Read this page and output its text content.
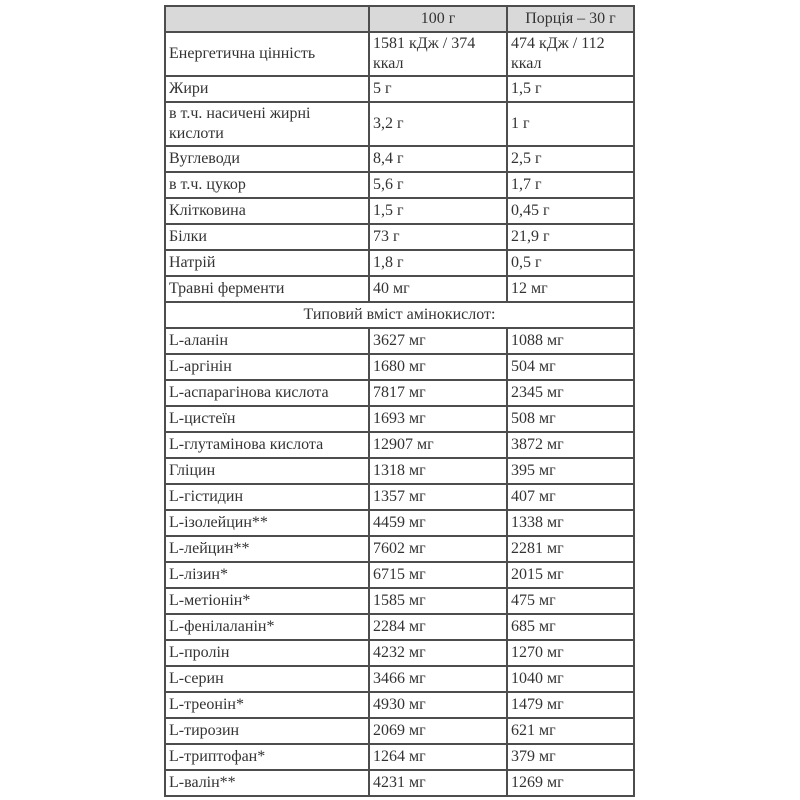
	100 г	Порція – 30 г
Енергетична цінність	1581 кДж / 374 ккал	474 кДж / 112 ккал
Жири	5 г	1,5 г
в т.ч. насичені жирні кислоти	3,2 г	1 г
Вуглеводи	8,4 г	2,5 г
в т.ч. цукор	5,6 г	1,7 г
Клітковина	1,5 г	0,45 г
Білки	73 г	21,9 г
Натрій	1,8 г	0,5 г
Травні ферменти	40 мг	12 мг
Типовий вміст амінокислот:		
L-аланін	3627 мг	1088 мг
L-аргінін	1680 мг	504 мг
L-аспарагінова кислота	7817 мг	2345 мг
L-цистеїн	1693 мг	508 мг
L-глутамінова кислота	12907 мг	3872 мг
Гліцин	1318 мг	395 мг
L-гістидин	1357 мг	407 мг
L-ізолейцин**	4459 мг	1338 мг
L-лейцин**	7602 мг	2281 мг
L-лізин*	6715 мг	2015 мг
L-метіонін*	1585 мг	475 мг
L-фенілаланін*	2284 мг	685 мг
L-пролін	4232 мг	1270 мг
L-серин	3466 мг	1040 мг
L-треонін*	4930 мг	1479 мг
L-тирозин	2069 мг	621 мг
L-триптофан*	1264 мг	379 мг
L-валін**	4231 мг	1269 мг
